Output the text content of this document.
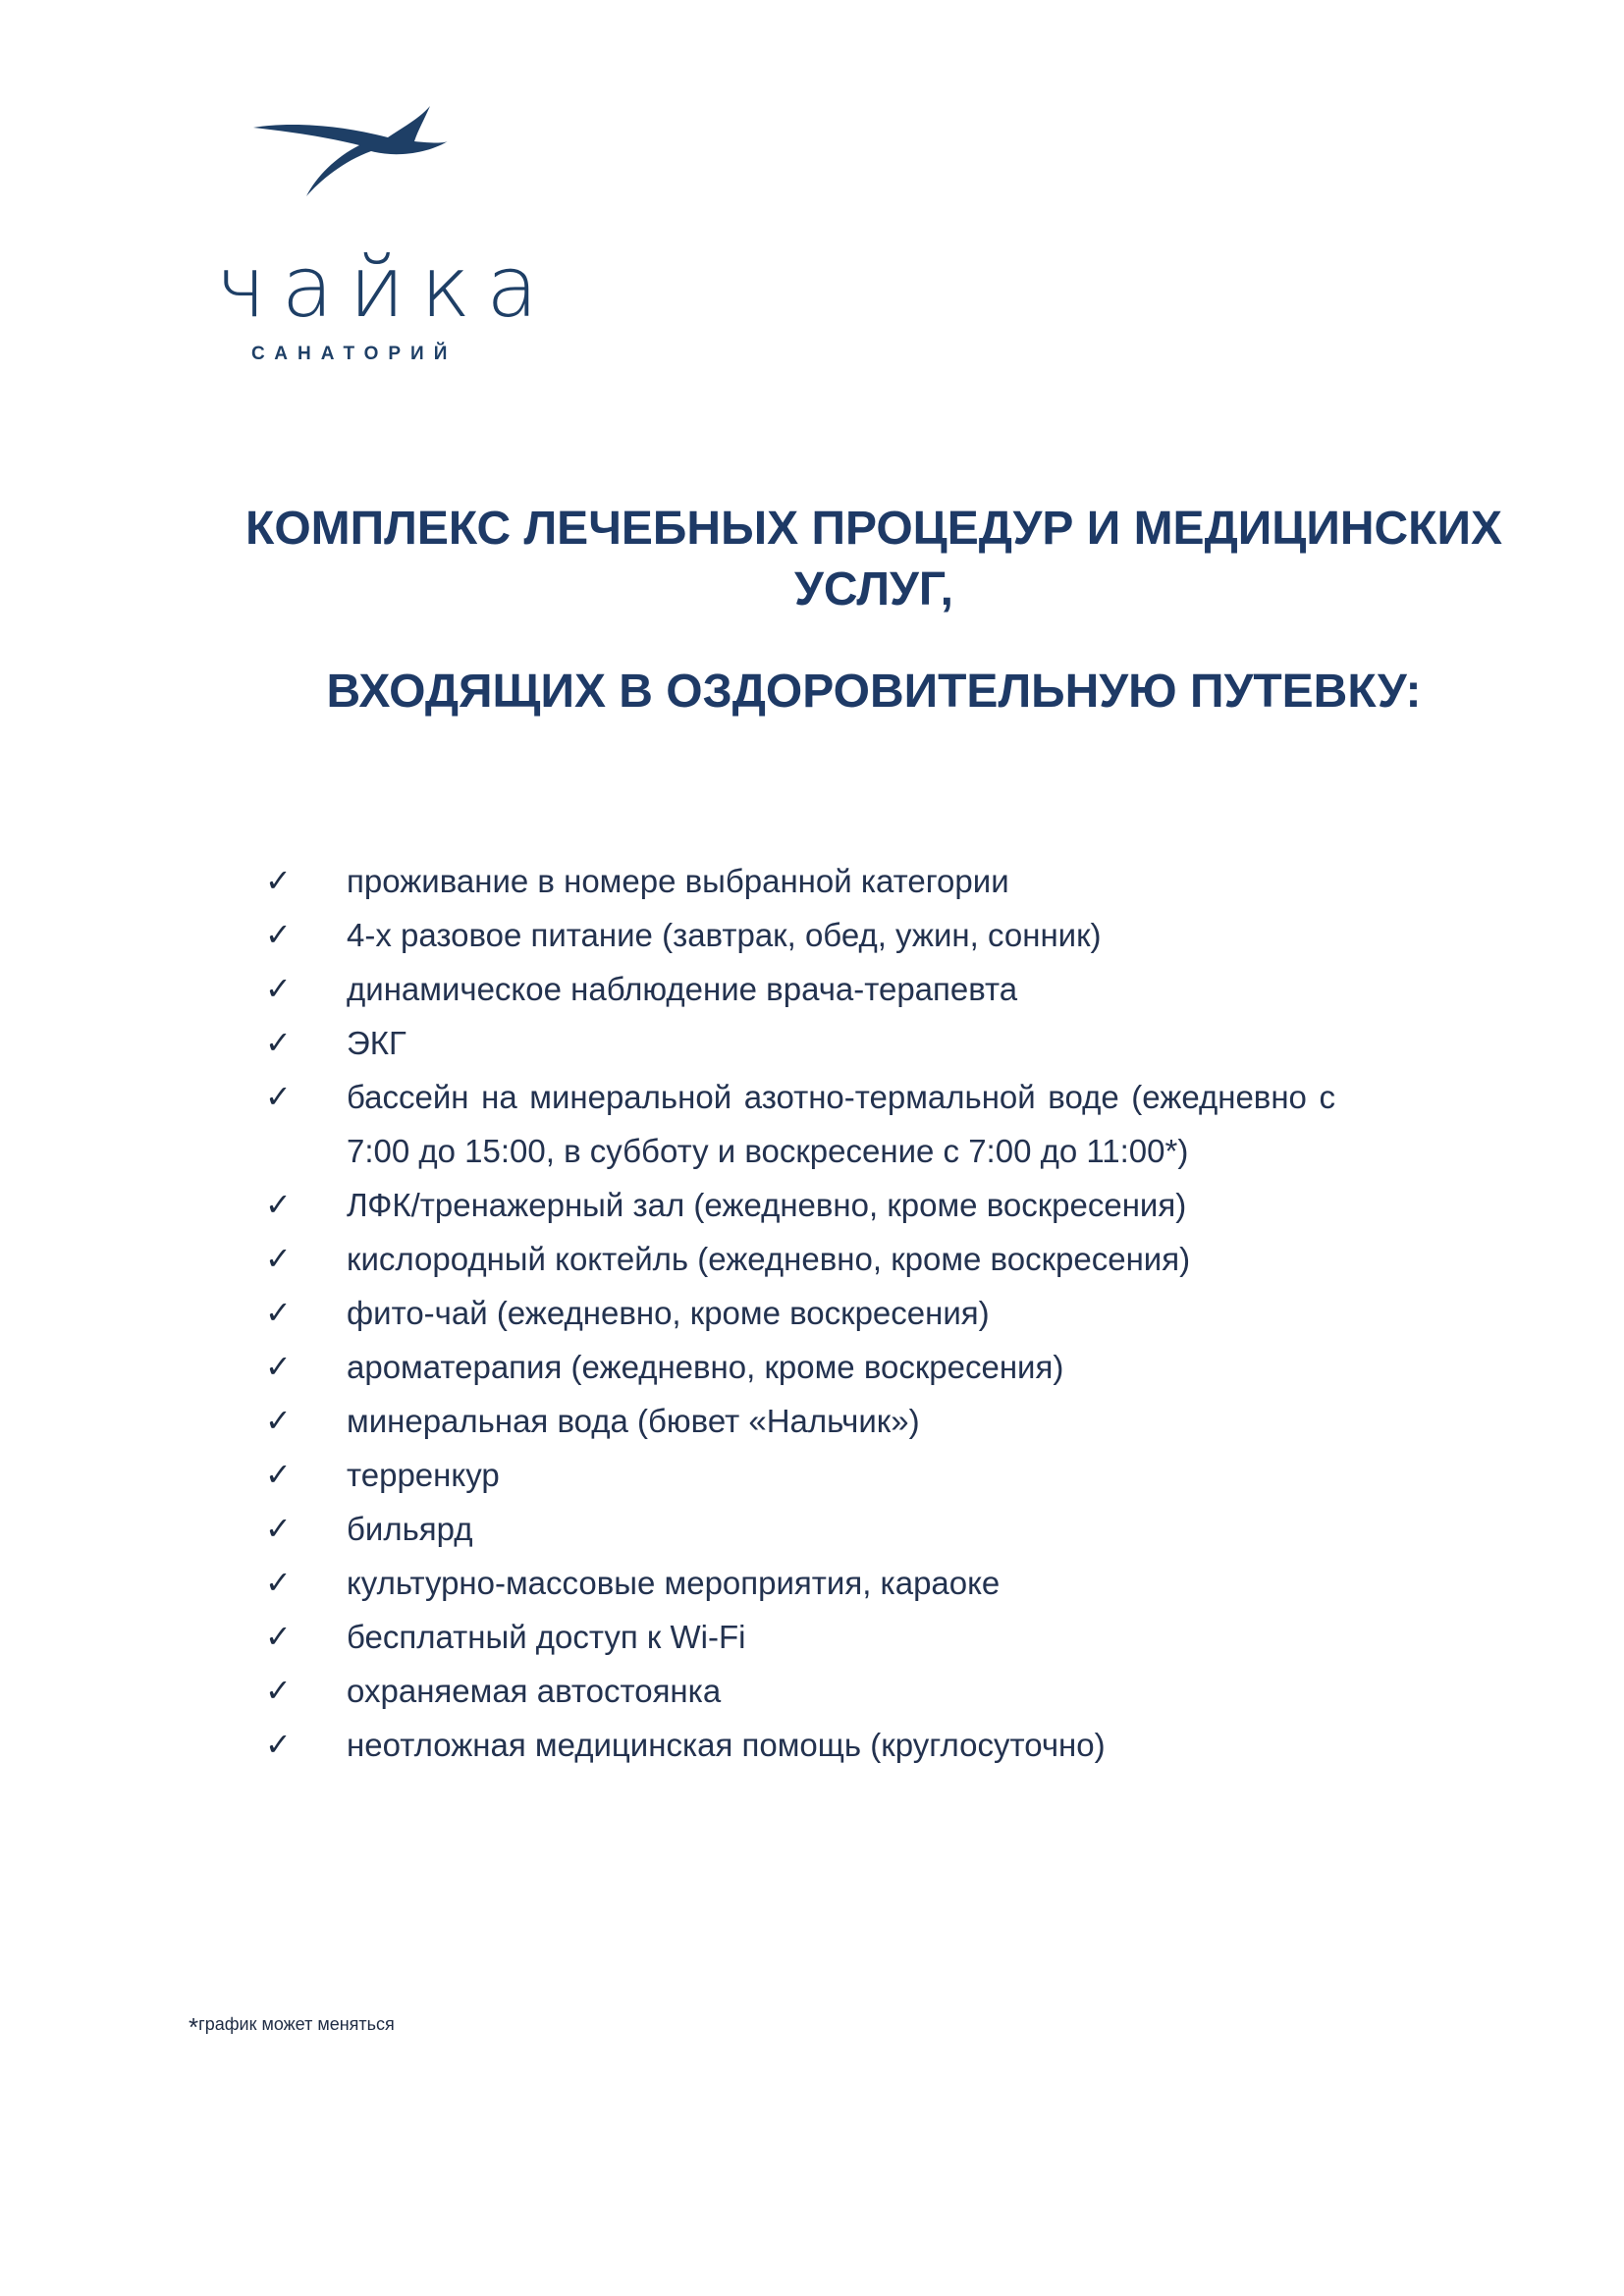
чайка
САНАТОРИЙ

КОМПЛЕКС ЛЕЧЕБНЫХ ПРОЦЕДУР И МЕДИЦИНСКИХ УСЛУГ,

ВХОДЯЩИХ В ОЗДОРОВИТЕЛЬНУЮ ПУТЕВКУ:

✓	проживание в номере выбранной категории
✓	4-х разовое питание (завтрак, обед, ужин, сонник)
✓	динамическое наблюдение врача-терапевта
✓	ЭКГ
✓	бассейн на минеральной азотно-термальной воде (ежедневно с 7:00 до 15:00, в субботу и воскресение с 7:00 до 11:00*)
✓	ЛФК/тренажерный зал (ежедневно, кроме воскресения)
✓	кислородный коктейль (ежедневно, кроме воскресения)
✓	фито-чай (ежедневно, кроме воскресения)
✓	ароматерапия (ежедневно, кроме воскресения)
✓	минеральная вода (бювет «Нальчик»)
✓	терренкур
✓	бильярд
✓	культурно-массовые мероприятия, караоке
✓	бесплатный доступ к Wi-Fi
✓	охраняемая автостоянка
✓	неотложная медицинская помощь (круглосуточно)
*график может меняться
